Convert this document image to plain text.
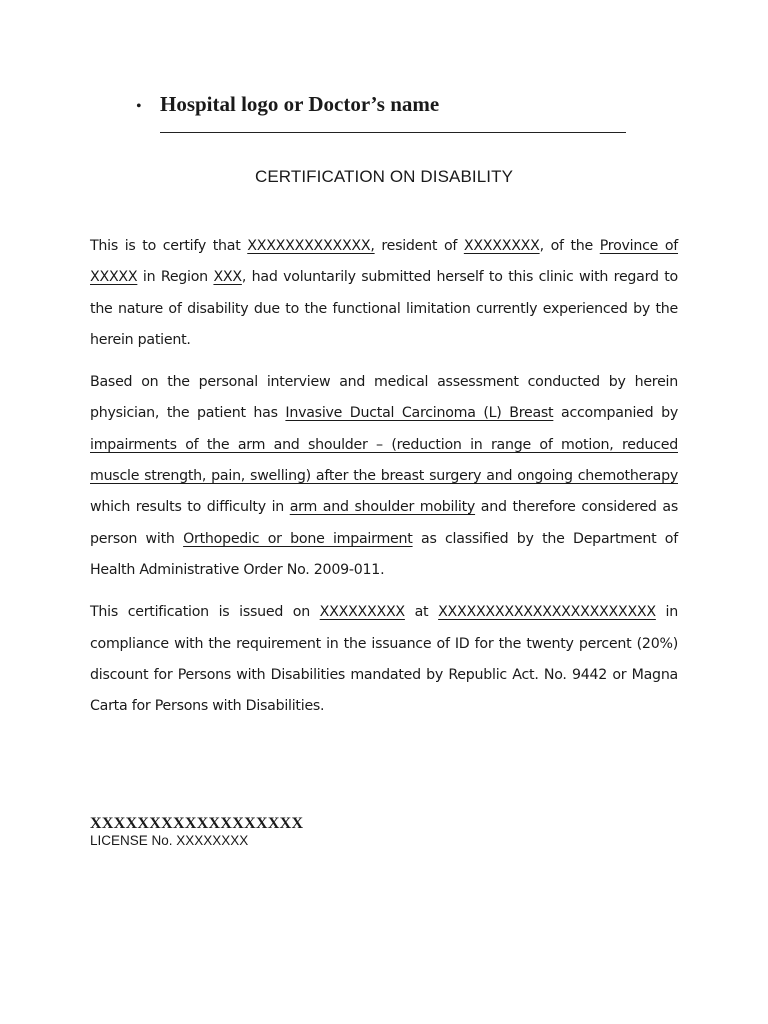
• Hospital logo or Doctor’s name
CERTIFICATION ON DISABILITY

This is to certify that XXXXXXXXXXXXX, resident of XXXXXXXX, of the Province of XXXXX in Region XXX, had voluntarily submitted herself to this clinic with regard to the nature of disability due to the functional limitation currently experienced by the herein patient.

Based on the personal interview and medical assessment conducted by herein physician, the patient has Invasive Ductal Carcinoma (L) Breast accompanied by impairments of the arm and shoulder – (reduction in range of motion, reduced muscle strength, pain, swelling) after the breast surgery and ongoing chemotherapy which results to difficulty in arm and shoulder mobility and therefore considered as person with Orthopedic or bone impairment as classified by the Department of Health Administrative Order No. 2009-011.

This certification is issued on XXXXXXXXX at XXXXXXXXXXXXXXXXXXXXXXX in compliance with the requirement in the issuance of ID for the twenty percent (20%) discount for Persons with Disabilities mandated by Republic Act. No. 9442 or Magna Carta for Persons with Disabilities.

XXXXXXXXXXXXXXXXXX
LICENSE No. XXXXXXXX
